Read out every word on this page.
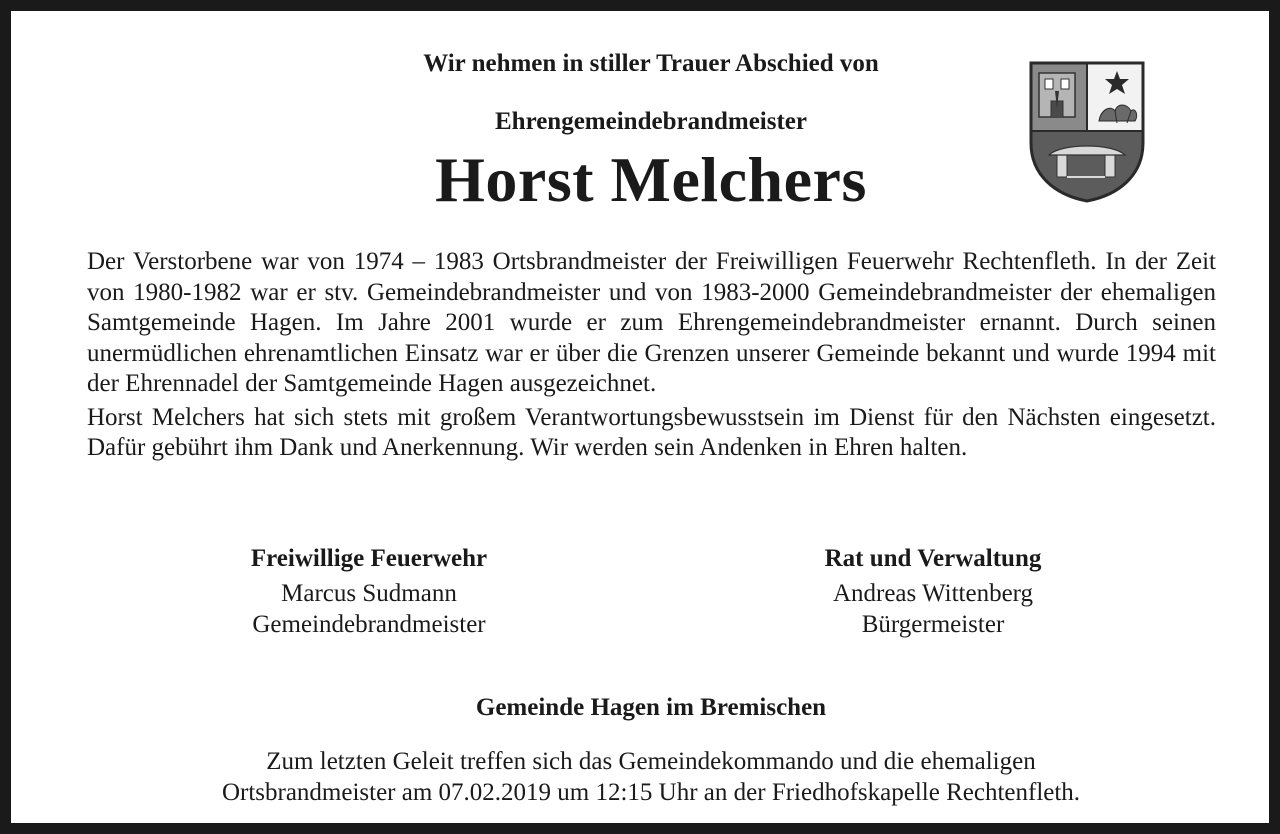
Wir nehmen in stiller Trauer Abschied von
Ehrengemeindebrandmeister
Horst Melchers

Der Verstorbene war von 1974 – 1983 Ortsbrandmeister der Freiwilligen Feuerwehr Rechtenfleth. In der Zeit von 1980-1982 war er stv. Gemeindebrandmeister und von 1983-2000 Gemeindebrandmeister der ehemaligen Samtgemeinde Hagen. Im Jahre 2001 wurde er zum Ehrengemeindebrandmeister ernannt. Durch seinen unermüdlichen ehrenamtlichen Einsatz war er über die Grenzen unserer Gemeinde bekannt und wurde 1994 mit der Ehrennadel der Samtgemeinde Hagen ausgezeichnet.

Horst Melchers hat sich stets mit großem Verantwortungsbewusstsein im Dienst für den Nächsten eingesetzt. Dafür gebührt ihm Dank und Anerkennung. Wir werden sein Andenken in Ehren halten.

Freiwillige Feuerwehr
Marcus Sudmann
Gemeindebrandmeister
Rat und Verwaltung
Andreas Wittenberg
Bürgermeister
Gemeinde Hagen im Bremischen
Zum letzten Geleit treffen sich das Gemeindekommando und die ehemaligen
Ortsbrandmeister am 07.02.2019 um 12:15 Uhr an der Friedhofskapelle Rechtenfleth.
